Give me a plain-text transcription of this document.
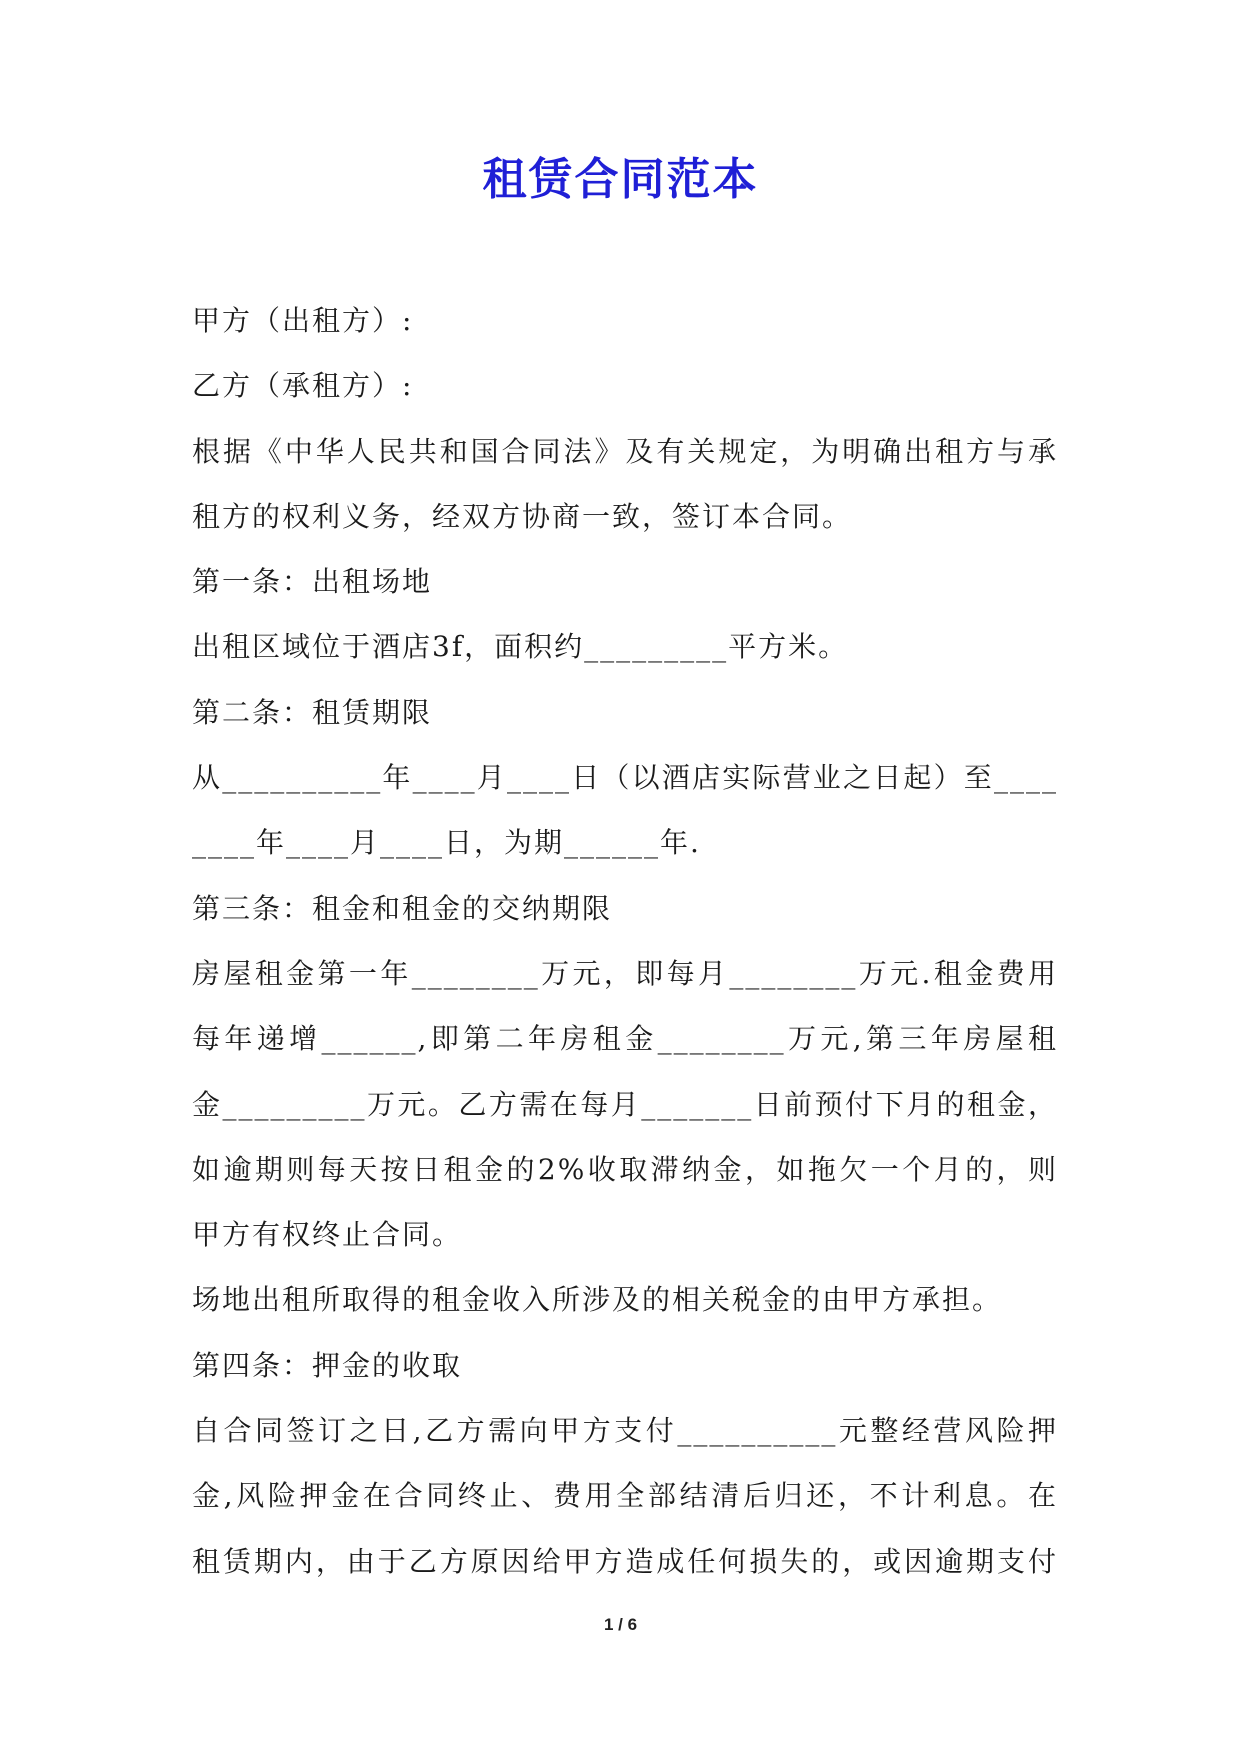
租赁合同范本
甲方（出租方）:
乙方（承租方）:
根据《中华人民共和国合同法》及有关规定，为明确出租方与承
租方的权利义务，经双方协商一致，签订本合同。
第一条：出租场地
出租区域位于酒店3f，面积约_________平方米。
第二条：租赁期限
从__________年____月____日（以酒店实际营业之日起）至____
____年____月____日，为期______年.
第三条：租金和租金的交纳期限
房屋租金第一年________万元，即每月________万元.租金费用
每年递增______,即第二年房租金________万元,第三年房屋租
金_________万元。乙方需在每月_______日前预付下月的租金，
如逾期则每天按日租金的2%收取滞纳金，如拖欠一个月的，则
甲方有权终止合同。
场地出租所取得的租金收入所涉及的相关税金的由甲方承担。
第四条：押金的收取
自合同签订之日,乙方需向甲方支付__________元整经营风险押
金,风险押金在合同终止、费用全部结清后归还，不计利息。在
租赁期内，由于乙方原因给甲方造成任何损失的，或因逾期支付
1 / 6
